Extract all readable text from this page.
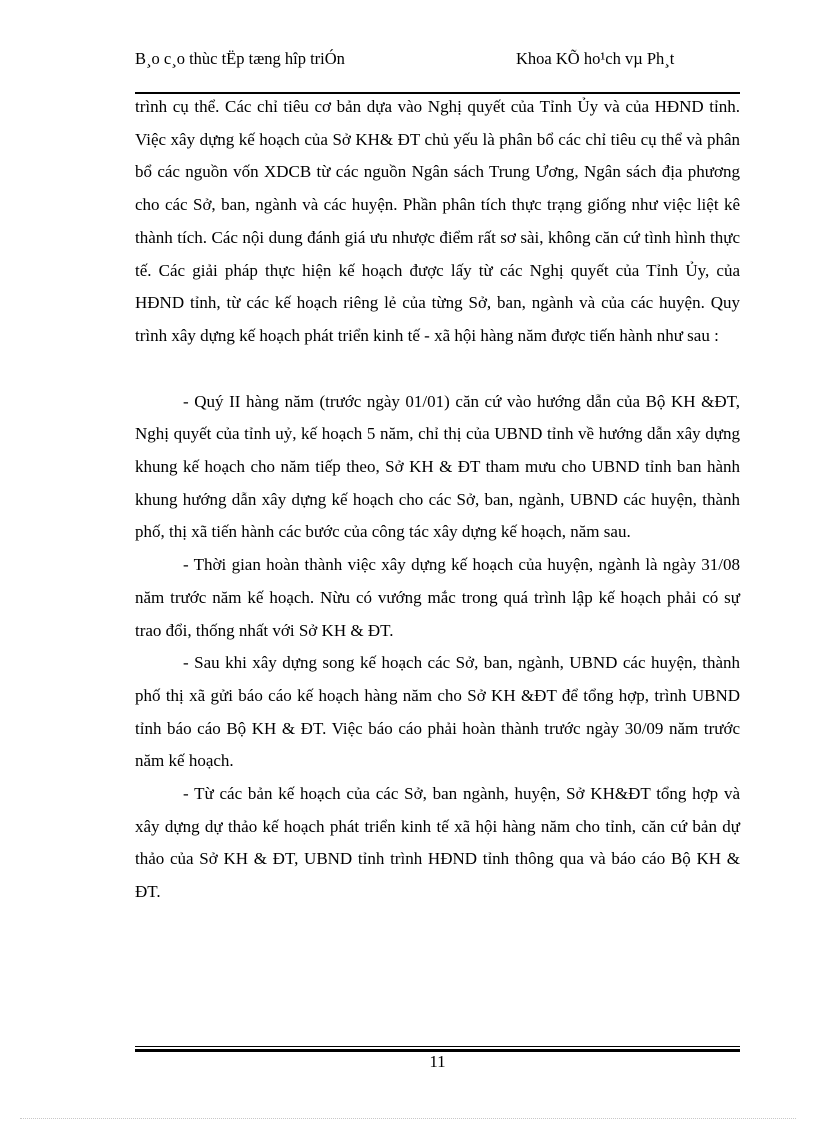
B¸o c¸o thùc tËp tæng hîp triÓn	Khoa KÕ ho¹ch vµ Ph¸t

trình cụ thể. Các chỉ tiêu cơ bản dựa vào Nghị quyết của Tỉnh Ủy và của HĐND tỉnh. Việc xây dựng kế hoạch của Sở KH& ĐT chủ yếu là phân bổ các chỉ tiêu cụ thể và phân bổ các nguồn vốn XDCB từ các nguồn Ngân sách Trung Ương, Ngân sách địa phương cho các Sở, ban, ngành và các huyện. Phần phân tích thực trạng giống như việc liệt kê thành tích. Các nội dung đánh giá ưu nhược điểm rất sơ sài, không căn cứ tình hình thực tế. Các giải pháp thực hiện kế hoạch được lấy từ các Nghị quyết của Tỉnh Ủy, của HĐND tỉnh, từ các kế hoạch riêng lẻ của từng Sở, ban, ngành và của các huyện. Quy trình xây dựng kế hoạch phát triển kinh tế - xã hội hàng năm được tiến hành như sau :

- Quý II hàng năm (trước ngày 01/01) căn cứ vào hướng dẫn của Bộ KH &ĐT, Nghị quyết của tỉnh uỷ, kế hoạch 5 năm, chỉ thị của UBND tỉnh về hướng dẫn xây dựng khung kế hoạch cho năm tiếp theo, Sở KH & ĐT tham mưu cho UBND tỉnh ban hành khung hướng dẫn xây dựng kế hoạch cho các Sở, ban, ngành, UBND các huyện, thành phố, thị xã tiến hành các bước của công tác xây dựng kế hoạch, năm sau.

- Thời gian hoàn thành việc xây dựng kế hoạch của huyện, ngành là ngày 31/08 năm trước năm kế hoạch. Nừu có vướng mắc trong quá trình lập kế hoạch phải có sự trao đổi, thống nhất với Sở KH & ĐT.

- Sau khi xây dựng song kế hoạch các Sở, ban, ngành, UBND các huyện, thành phố thị xã gửi báo cáo kế hoạch hàng năm cho Sở KH &ĐT để tổng hợp, trình UBND tỉnh báo cáo Bộ KH & ĐT. Việc báo cáo phải hoàn thành trước ngày 30/09 năm trước năm kế hoạch.

- Từ các bản kế hoạch của các Sở, ban ngành, huyện, Sở KH&ĐT tổng hợp và xây dựng dự thảo kế hoạch phát triển kinh tế xã hội hàng năm cho tỉnh, căn cứ bản dự thảo của Sở KH & ĐT, UBND tỉnh trình HĐND tỉnh thông qua và báo cáo Bộ KH & ĐT.

11
